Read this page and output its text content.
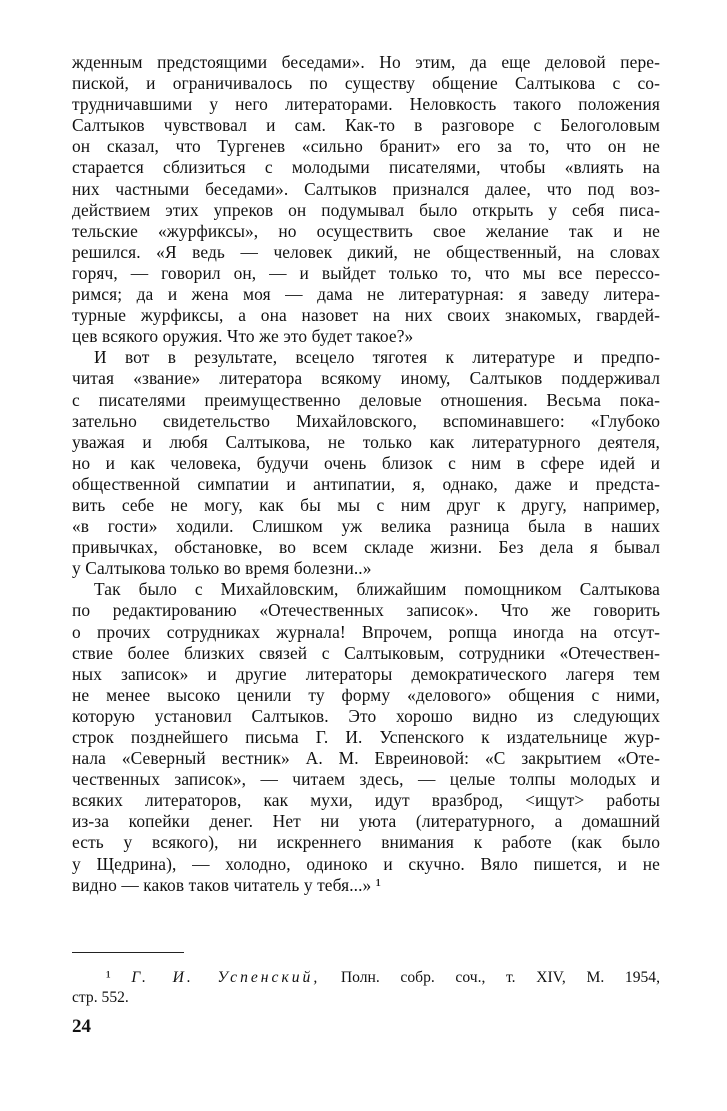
жденным предстоящими беседами». Но этим, да еще деловой пере-
пиской, и ограничивалось по существу общение Салтыкова с со-
трудничавшими у него литераторами. Неловкость такого положения
Салтыков чувствовал и сам. Как-то в разговоре с Белоголовым
он сказал, что Тургенев «сильно бранит» его за то, что он не
старается сблизиться с молодыми писателями, чтобы «влиять на
них частными беседами». Салтыков признался далее, что под воз-
действием этих упреков он подумывал было открыть у себя писа-
тельские «журфиксы», но осуществить свое желание так и не
решился. «Я ведь — человек дикий, не общественный, на словах
горяч, — говорил он, — и выйдет только то, что мы все перессо-
римся; да и жена моя — дама не литературная: я заведу литера-
турные журфиксы, а она назовет на них своих знакомых, гвардей-
цев всякого оружия. Что же это будет такое?»
И вот в результате, всецело тяготея к литературе и предпо-
читая «звание» литератора всякому иному, Салтыков поддерживал
с писателями преимущественно деловые отношения. Весьма пока-
зательно свидетельство Михайловского, вспоминавшего: «Глубоко
уважая и любя Салтыкова, не только как литературного деятеля,
но и как человека, будучи очень близок с ним в сфере идей и
общественной симпатии и антипатии, я, однако, даже и предста-
вить себе не могу, как бы мы с ним друг к другу, например,
«в гости» ходили. Слишком уж велика разница была в наших
привычках, обстановке, во всем складе жизни. Без дела я бывал
у Салтыкова только во время болезни..»
Так было с Михайловским, ближайшим помощником Салтыкова
по редактированию «Отечественных записок». Что же говорить
о прочих сотрудниках журнала! Впрочем, ропща иногда на отсут-
ствие более близких связей с Салтыковым, сотрудники «Отечествен-
ных записок» и другие литераторы демократического лагеря тем
не менее высоко ценили ту форму «делового» общения с ними,
которую установил Салтыков. Это хорошо видно из следующих
строк позднейшего письма Г. И. Успенского к издательнице жур-
нала «Северный вестник» А. М. Евреиновой: «С закрытием «Оте-
чественных записок», — читаем здесь, — целые толпы молодых и
всяких литераторов, как мухи, идут вразброд, <ищут> работы
из-за копейки денег. Нет ни уюта (литературного, а домашний
есть у всякого), ни искреннего внимания к работе (как было
у Щедрина), — холодно, одиноко и скучно. Вяло пишется, и не
видно — каков таков читатель у тебя...» ¹
¹ Г. И. Успенский, Полн. собр. соч., т. XIV, М. 1954,
стр. 552.
24
